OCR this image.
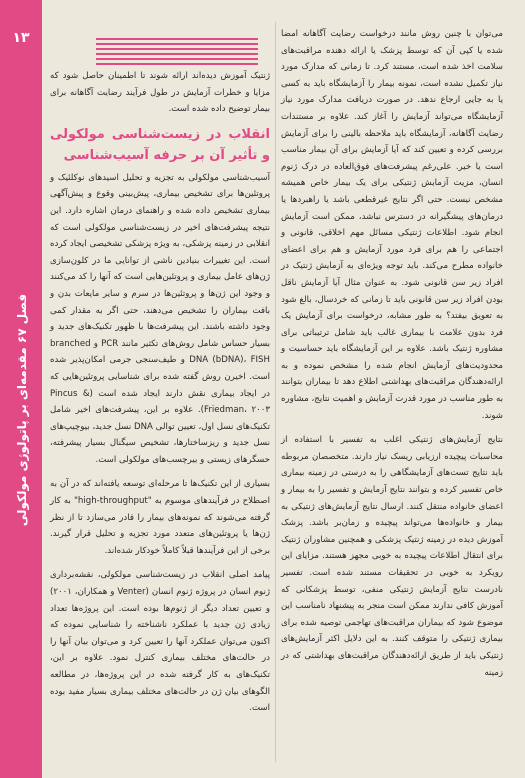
۱۳
فصل ۶۷ مقدمه‌ای بر پاتولوژی مولکولی

می‌توان با چنین روش مانند درخواست رضایت آگاهانه امضا شده یا کپی آن که توسط پزشک یا ارائه دهنده مراقبت‌های سلامت اخذ شده است، مستند کرد. تا زمانی که مدارک مورد نیاز تکمیل نشده است، نمونه بیمار را آزمایشگاه باید به کسی یا به جایی ارجاع ندهد. در صورت دریافت مدارک مورد نیاز آزمایشگاه می‌تواند آزمایش را آغاز کند. علاوه بر مستندات رضایت آگاهانه، آزمایشگاه باید ملاحظه بالینی را برای آزمایش بررسی کرده و تعیین کند که آیا آزمایش برای آن بیمار مناسب است یا خیر. علی‌رغم پیشرفت‌های فوق‌العاده در درک ژنوم انسان، مزیت آزمایش ژنتیکی برای یک بیمار خاص همیشه مشخص نیست. حتی اگر نتایج غیرقطعی باشد یا راهبردها یا درمان‌های پیشگیرانه در دسترس نباشد، ممکن است آزمایش انجام شود. اطلاعات ژنتیکی مسائل مهم اخلاقی، قانونی و اجتماعی را هم برای فرد مورد آزمایش و هم برای اعضای خانواده مطرح می‌کند. باید توجه ویژه‌ای به آزمایش ژنتیک در افراد زیر سن قانونی شود. به عنوان مثال آیا آزمایش ناقل بودن افراد زیر سن قانونی باید تا زمانی که خردسال، بالغ شود به تعویق بیفتد؟ به طور مشابه، درخواست برای آزمایش یک فرد بدون علامت با بیماری غالب باید شامل ترتیباتی برای مشاوره ژنتیک باشد. علاوه بر این آزمایشگاه باید حساسیت و محدودیت‌های آزمایش انجام شده را مشخص نموده و به ارائه‌دهندگان مراقبت‌های بهداشتی اطلاع دهد تا بیماران بتوانند به طور مناسب در مورد قدرت آزمایش و اهمیت نتایج، مشاوره شوند.

نتایج آزمایش‌های ژنتیکی اغلب به تفسیر با استفاده از محاسبات پیچیده ارزیابی ریسک نیاز دارند. متخصصان مربوطه باید نتایج تست‌های آزمایشگاهی را به درستی در زمینه بیماری خاص تفسیر کرده و بتوانند نتایج آزمایش و تفسیر را به بیمار و اعضای خانواده منتقل کنند. ارسال نتایج آزمایش‌های ژنتیکی به بیمار و خانواده‌ها می‌تواند پیچیده و زمان‌بر باشد. پزشک آموزش دیده در زمینه ژنتیک پزشکی و همچنین مشاوران ژنتیک برای انتقال اطلاعات پیچیده به خوبی مجهز هستند. مزایای این رویکرد به خوبی در تحقیقات مستند شده است. تفسیر نادرست نتایج آزمایش ژنتیکی منفی، توسط پزشکانی که آموزش کافی ندارند ممکن است منجر به پیشنهاد نامناسب این موضوع شود که بیماران مراقبت‌های تهاجمی توصیه شده برای بیماری ژنتیکی را متوقف کنند. به این دلایل اکثر آزمایش‌های ژنتیکی باید از طریق ارائه‌دهندگان مراقبت‌های بهداشتی که در زمینه

ژنتیک آموزش دیده‌اند ارائه شوند تا اطمینان حاصل شود که مزایا و خطرات آزمایش در طول فرآیند رضایت آگاهانه برای بیمار توضیح داده شده است.

انقلاب در زیست‌شناسی مولکولی و تأثیر آن بر حرفه آسیب‌شناسی

آسیب‌شناسی مولکولی به تجزیه و تحلیل اسیدهای نوکلئیک و پروتئین‌ها برای تشخیص بیماری، پیش‌بینی وقوع و پیش‌آگهی بیماری تشخیص داده شده و راهنمای درمان اشاره دارد. این نتیجه پیشرفت‌های اخیر در زیست‌شناسی مولکولی است که انقلابی در زمینه پزشکی، به ویژه پزشکی تشخیصی ایجاد کرده است. این تغییرات بنیادین ناشی از توانایی ما در کلون‌سازی ژن‌های عامل بیماری و پروتئین‌هایی است که آنها را کد می‌کنند و وجود این ژن‌ها و پروتئین‌ها در سرم و سایر مایعات بدن و بافت بیماران را تشخیص می‌دهند، حتی اگر به مقدار کمی وجود داشته باشند. این پیشرفت‌ها با ظهور تکنیک‌های جدید و بسیار حساس شامل روش‌های تکثیر مانند PCR و branched DNA (bDNA)، FISH و طیف‌سنجی جرمی امکان‌پذیر شده است. اخیرن روش گفته شده برای شناسایی پروتئین‌هایی که در ایجاد بیماری نقش دارند ایجاد شده است (Pincus & Friedman، ۲۰۰۳). علاوه بر این، پیشرفت‌های اخیر شامل تکنیک‌های نسل اول، تعیین توالی DNA نسل جدید، بیوچیپ‌های نسل جدید و ریزساختارها، تشخیص سیگنال بسیار پیشرفته، حسگرهای زیستی و بیرچسب‌های مولکولی است.

بسیاری از این تکنیک‌ها تا مرحله‌ای توسعه یافته‌اند که در آن به اصطلاح در فرآیندهای موسوم به "high-throughput" به کار گرفته می‌شوند که نمونه‌های بیمار را قادر می‌سازد تا از نظر ژن‌ها یا پروتئین‌های متعدد مورد تجزیه و تحلیل قرار گیرند. برخی از این فرآیندها قبلاً کاملاً خودکار شده‌اند.

پیامد اصلی انقلاب در زیست‌شناسی مولکولی، نقشه‌برداری ژنوم انسان در پروژه ژنوم انسان (Venter و همکاران، ۲۰۰۱) و تعیین تعداد دیگر از ژنوم‌ها بوده است. این پروژه‌ها تعداد زیادی ژن جدید با عملکرد ناشناخته را شناسایی نموده که اکنون می‌توان عملکرد آنها را تعیین کرد و می‌توان بیان آنها را در حالت‌های مختلف بیماری کنترل نمود. علاوه بر این، تکنیک‌های به کار گرفته شده در این پروژه‌ها، در مطالعه الگوهای بیان ژن در حالت‌های مختلف بیماری بسیار مفید بوده است.
